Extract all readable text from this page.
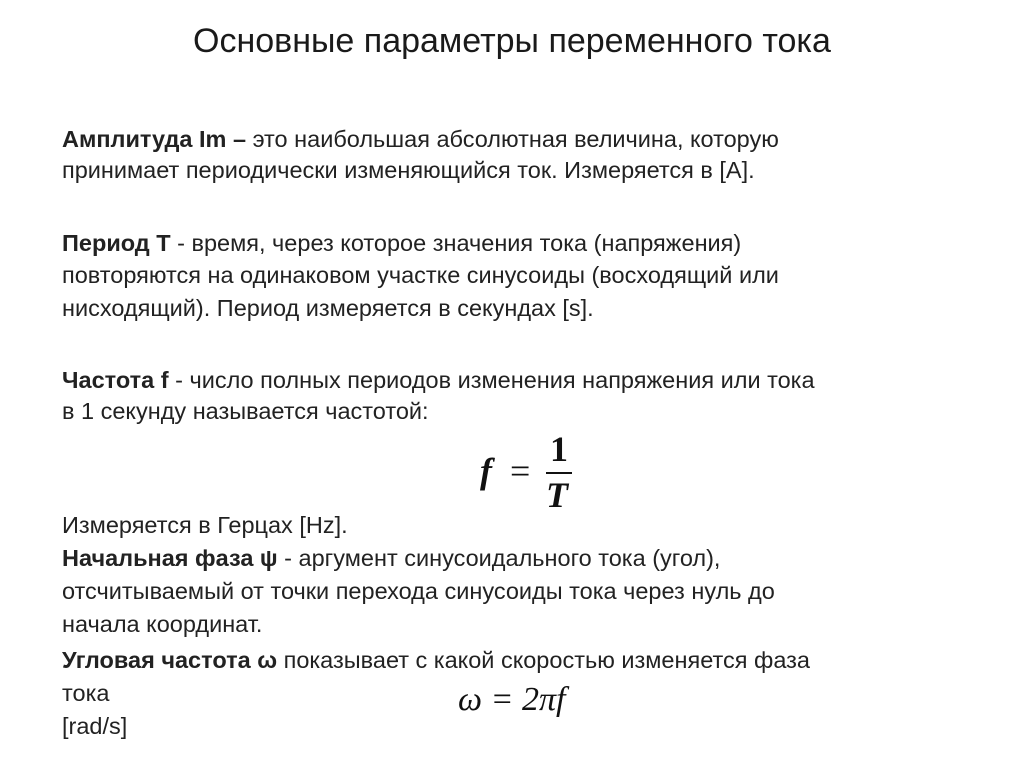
Основные параметры переменного тока
Амплитуда Im – это наибольшая абсолютная величина, которую
принимает периодически изменяющийся ток. Измеряется в [A].
Период T - время, через которое значения тока (напряжения)
повторяются на одинаковом участке синусоиды (восходящий или
нисходящий). Период измеряется в секундах [s].
Частота f - число полных периодов изменения напряжения или тока
в 1 секунду называется частотой:
f =
1
T
Измеряется в Герцах [Hz].
Начальная фаза ψ - аргумент синусоидального тока (угол),
отсчитываемый от точки перехода синусоиды тока через нуль до
начала координат.
Угловая частота ω показывает с какой скоростью изменяется фаза
тока
[rad/s]
ω = 2πf
